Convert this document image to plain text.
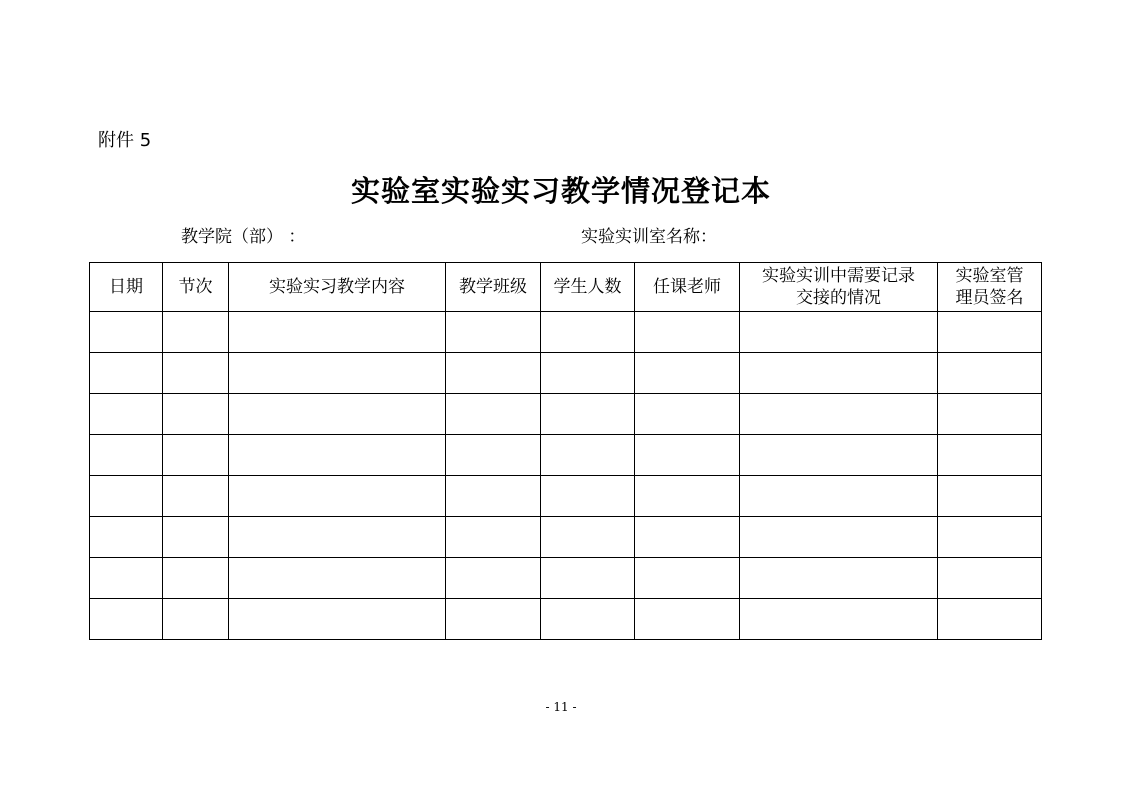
附件 5
实验室实验实习教学情况登记本
教学院（部） ：	实验实训室名称：
日期	节次	实验实习教学内容	教学班级	学生人数	任课老师	实验实训中需要记录交接的情况	实验室管理员签名

- 11 -
